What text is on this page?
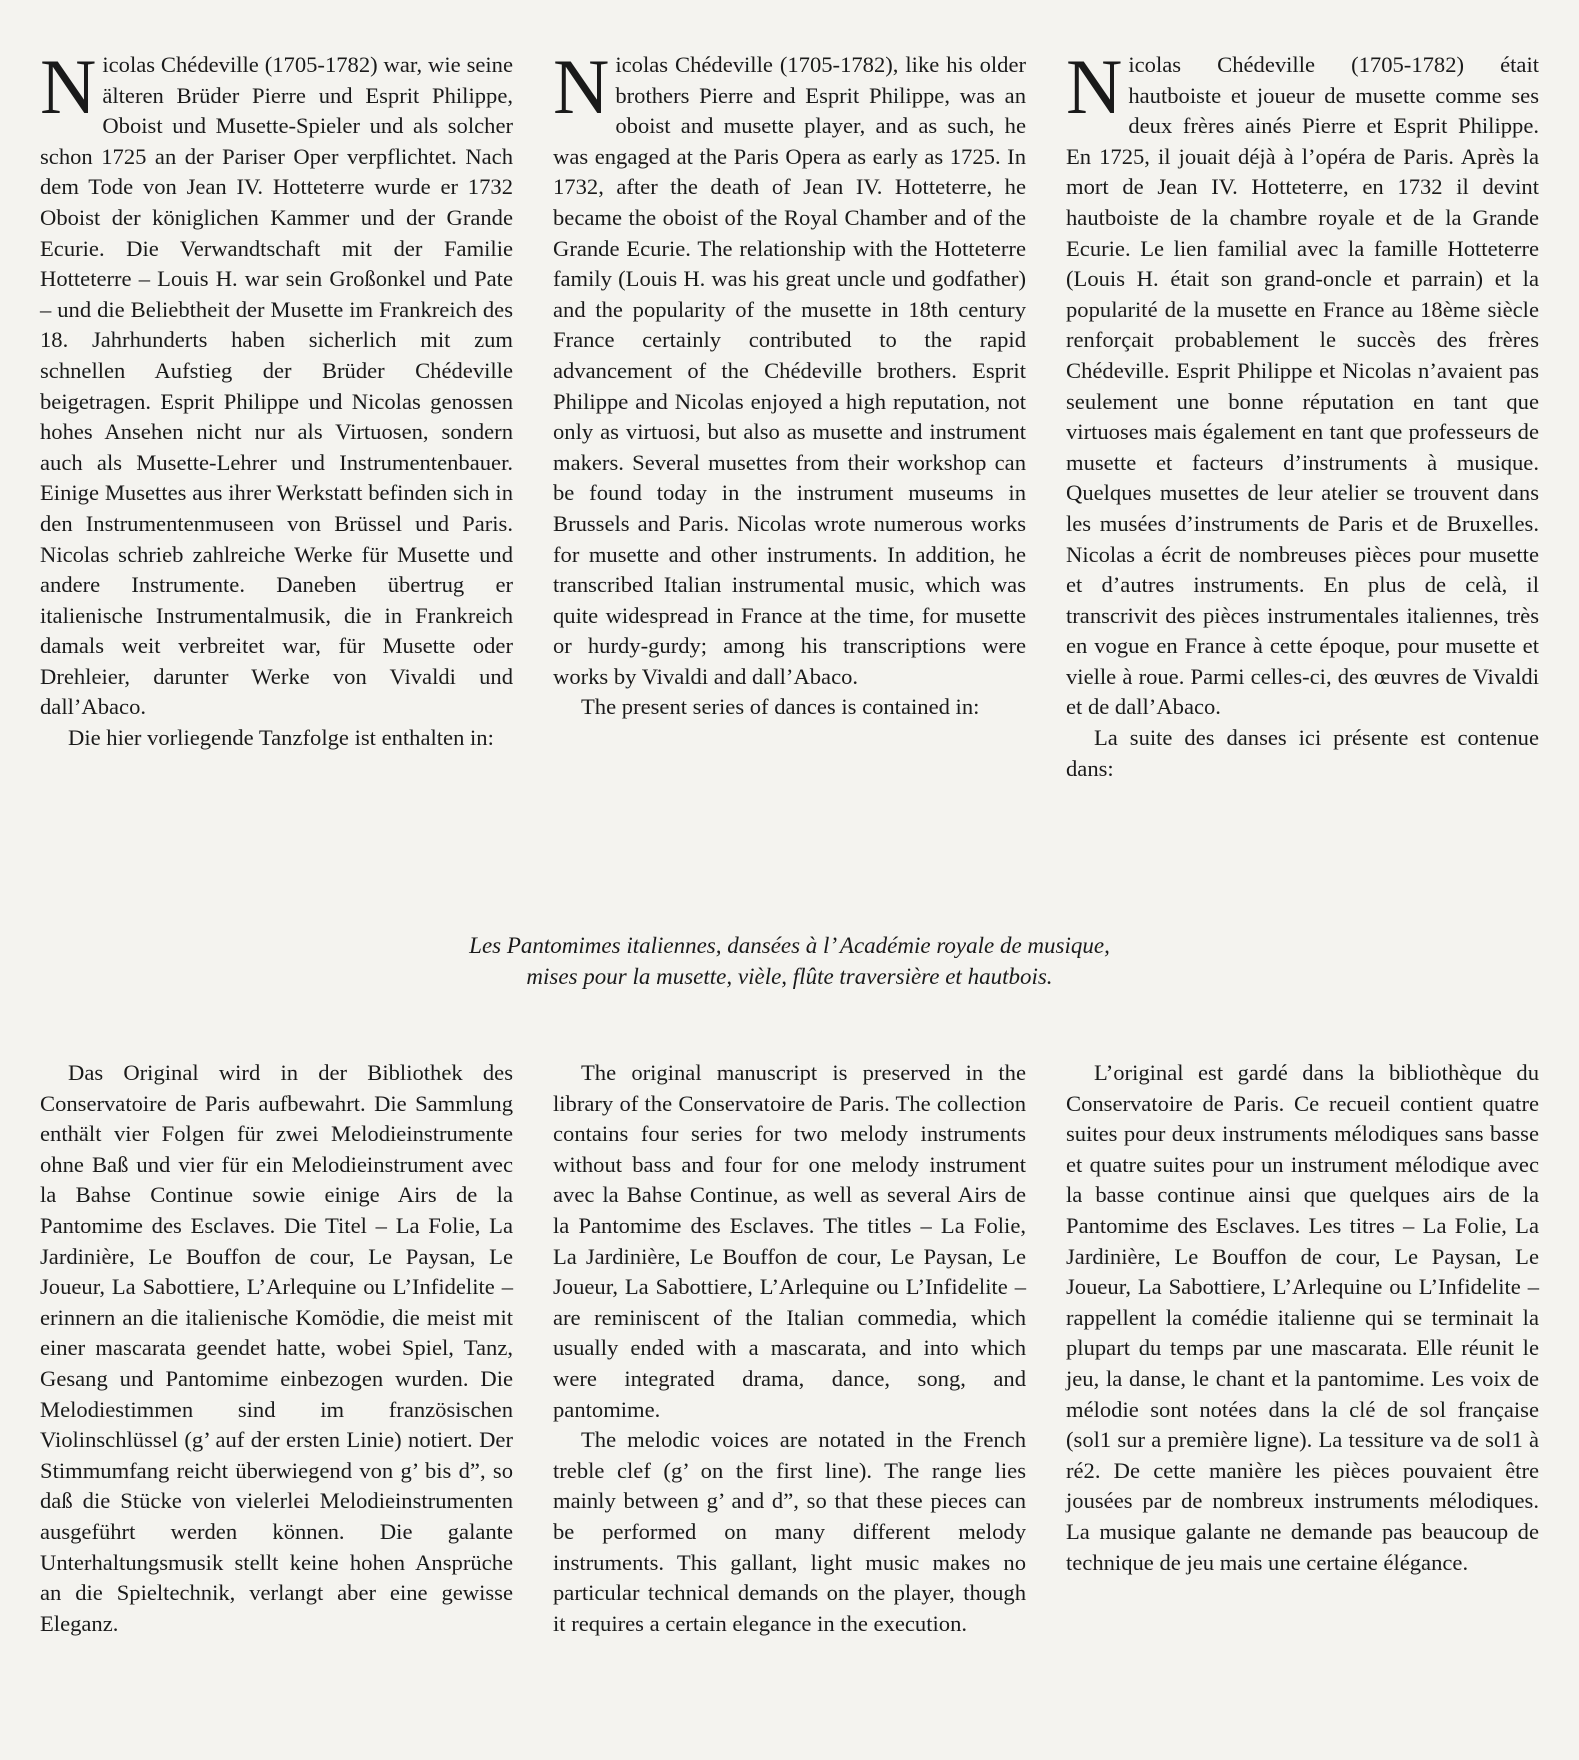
Nicolas Chédeville (1705-1782) war, wie seine älteren Brüder Pierre und Esprit Philippe, Oboist und Musette-Spieler und als solcher schon 1725 an der Pariser Oper verpflichtet. Nach dem Tode von Jean IV. Hotteterre wurde er 1732 Oboist der königlichen Kammer und der Grande Ecurie. Die Verwandtschaft mit der Familie Hotteterre – Louis H. war sein Großonkel und Pate – und die Beliebtheit der Musette im Frankreich des 18. Jahrhunderts haben sicherlich mit zum schnellen Aufstieg der Brüder Chédeville beigetragen. Esprit Philippe und Nicolas genossen hohes Ansehen nicht nur als Virtuosen, sondern auch als Musette-Lehrer und Instrumentenbauer. Einige Musettes aus ihrer Werkstatt befinden sich in den Instrumentenmuseen von Brüssel und Paris. Nicolas schrieb zahlreiche Werke für Musette und andere Instrumente. Daneben übertrug er italienische Instrumentalmusik, die in Frankreich damals weit verbreitet war, für Musette oder Drehleier, darunter Werke von Vivaldi und dall’Abaco.

Die hier vorliegende Tanzfolge ist enthalten in:

Nicolas Chédeville (1705-1782), like his older brothers Pierre and Esprit Philippe, was an oboist and musette player, and as such, he was engaged at the Paris Opera as early as 1725. In 1732, after the death of Jean IV. Hotteterre, he became the oboist of the Royal Chamber and of the Grande Ecurie. The relationship with the Hotteterre family (Louis H. was his great uncle und godfather) and the popularity of the musette in 18th century France certainly contributed to the rapid advancement of the Chédeville brothers. Esprit Philippe and Nicolas enjoyed a high reputation, not only as virtuosi, but also as musette and instrument makers. Several musettes from their workshop can be found today in the instrument museums in Brussels and Paris. Nicolas wrote numerous works for musette and other instruments. In addition, he transcribed Italian instrumental music, which was quite widespread in France at the time, for musette or hurdy-gurdy; among his transcriptions were works by Vivaldi and dall’Abaco.

The present series of dances is contained in:

Nicolas Chédeville (1705-1782) était hautboiste et joueur de musette comme ses deux frères ainés Pierre et Esprit Philippe. En 1725, il jouait déjà à l’opéra de Paris. Après la mort de Jean IV. Hotteterre, en 1732 il devint hautboiste de la chambre royale et de la Grande Ecurie. Le lien familial avec la famille Hotteterre (Louis H. était son grand-oncle et parrain) et la popularité de la musette en France au 18ème siècle renforçait probablement le succès des frères Chédeville. Esprit Philippe et Nicolas n’avaient pas seulement une bonne réputation en tant que virtuoses mais également en tant que professeurs de musette et facteurs d’instruments à musique. Quelques musettes de leur atelier se trouvent dans les musées d’instruments de Paris et de Bruxelles. Nicolas a écrit de nombreuses pièces pour musette et d’autres instruments. En plus de celà, il transcrivit des pièces instrumentales italiennes, très en vogue en France à cette époque, pour musette et vielle à roue. Parmi celles-ci, des œuvres de Vivaldi et de dall’Abaco.

La suite des danses ici présente est contenue dans:

Les Pantomimes italiennes, dansées à l’ Académie royale de musique,
mises pour la musette, vièle, flûte traversière et hautbois.

Das Original wird in der Bibliothek des Conservatoire de Paris aufbewahrt. Die Sammlung enthält vier Folgen für zwei Melodieinstrumente ohne Baß und vier für ein Melodieinstrument avec la Bahse Continue sowie einige Airs de la Pantomime des Esclaves. Die Titel – La Folie, La Jardinière, Le Bouffon de cour, Le Paysan, Le Joueur, La Sabottiere, L’Arlequine ou L’Infidelite – erinnern an die italienische Komödie, die meist mit einer mascarata geendet hatte, wobei Spiel, Tanz, Gesang und Pantomime einbezogen wurden. Die Melodiestimmen sind im französischen Violinschlüssel (g’ auf der ersten Linie) notiert. Der Stimmumfang reicht überwiegend von g’ bis d”, so daß die Stücke von vielerlei Melodieinstrumenten ausgeführt werden können. Die galante Unterhaltungsmusik stellt keine hohen Ansprüche an die Spieltechnik, verlangt aber eine gewisse Eleganz.

The original manuscript is preserved in the library of the Conservatoire de Paris. The collection contains four series for two melody instruments without bass and four for one melody instrument avec la Bahse Continue, as well as several Airs de la Pantomime des Esclaves. The titles – La Folie, La Jardinière, Le Bouffon de cour, Le Paysan, Le Joueur, La Sabottiere, L’Arlequine ou L’Infidelite – are reminiscent of the Italian commedia, which usually ended with a mascarata, and into which were integrated drama, dance, song, and pantomime.

The melodic voices are notated in the French treble clef (g’ on the first line). The range lies mainly between g’ and d”, so that these pieces can be performed on many different melody instruments. This gallant, light music makes no particular technical demands on the player, though it requires a certain elegance in the execution.

L’original est gardé dans la bibliothèque du Conservatoire de Paris. Ce recueil contient quatre suites pour deux instruments mélodiques sans basse et quatre suites pour un instrument mélodique avec la basse continue ainsi que quelques airs de la Pantomime des Esclaves. Les titres – La Folie, La Jardinière, Le Bouffon de cour, Le Paysan, Le Joueur, La Sabottiere, L’Arlequine ou L’Infidelite – rappellent la comédie italienne qui se terminait la plupart du temps par une mascarata. Elle réunit le jeu, la danse, le chant et la pantomime. Les voix de mélodie sont notées dans la clé de sol française (sol1 sur a première ligne). La tessiture va de sol1 à ré2. De cette manière les pièces pouvaient être jousées par de nombreux instruments mélodiques. La musique galante ne demande pas beaucoup de technique de jeu mais une certaine élégance.
